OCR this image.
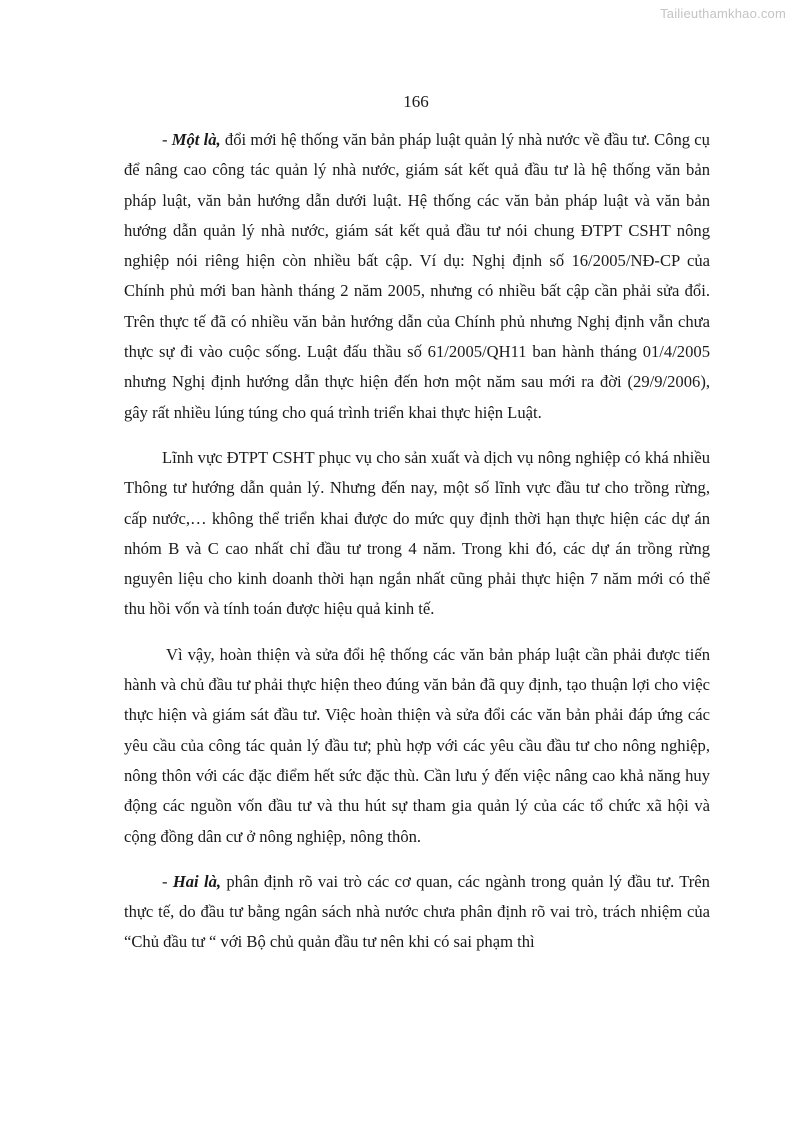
Tailieuthamkhao.com
166

- Một là, đổi mới hệ thống văn bản pháp luật quản lý nhà nước về đầu tư. Công cụ để nâng cao công tác quản lý nhà nước, giám sát kết quả đầu tư là hệ thống văn bản pháp luật, văn bản hướng dẫn dưới luật. Hệ thống các văn bản pháp luật và văn bản hướng dẫn quản lý nhà nước, giám sát kết quả đầu tư nói chung ĐTPT CSHT nông nghiệp nói riêng hiện còn nhiều bất cập. Ví dụ: Nghị định số 16/2005/NĐ-CP của Chính phủ mới ban hành tháng 2 năm 2005, nhưng có nhiều bất cập cần phải sửa đổi. Trên thực tế đã có nhiều văn bản hướng dẫn của Chính phủ nhưng Nghị định vẫn chưa thực sự đi vào cuộc sống. Luật đấu thầu số 61/2005/QH11 ban hành tháng 01/4/2005 nhưng Nghị định hướng dẫn thực hiện đến hơn một năm sau mới ra đời (29/9/2006), gây rất nhiều lúng túng cho quá trình triển khai thực hiện Luật.

Lĩnh vực ĐTPT CSHT phục vụ cho sản xuất và dịch vụ nông nghiệp có khá nhiều Thông tư hướng dẫn quản lý. Nhưng đến nay, một số lĩnh vực đầu tư cho trồng rừng, cấp nước,… không thể triển khai được do mức quy định thời hạn thực hiện các dự án nhóm B và C cao nhất chỉ đầu tư trong 4 năm. Trong khi đó, các dự án trồng rừng nguyên liệu cho kinh doanh thời hạn ngắn nhất cũng phải thực hiện 7 năm mới có thể thu hồi vốn và tính toán được hiệu quả kinh tế.

Vì vậy, hoàn thiện và sửa đổi hệ thống các văn bản pháp luật cần phải được tiến hành và chủ đầu tư phải thực hiện theo đúng văn bản đã quy định, tạo thuận lợi cho việc thực hiện và giám sát đầu tư. Việc hoàn thiện và sửa đổi các văn bản phải đáp ứng các yêu cầu của công tác quản lý đầu tư; phù hợp với các yêu cầu đầu tư cho nông nghiệp, nông thôn với các đặc điểm hết sức đặc thù. Cần lưu ý đến việc nâng cao khả năng huy động các nguồn vốn đầu tư và thu hút sự tham gia quản lý của các tổ chức xã hội và cộng đồng dân cư ở nông nghiệp, nông thôn.

- Hai là, phân định rõ vai trò các cơ quan, các ngành trong quản lý đầu tư. Trên thực tế, do đầu tư bằng ngân sách nhà nước chưa phân định rõ vai trò, trách nhiệm của “Chủ đầu tư “ với Bộ chủ quản đầu tư nên khi có sai phạm thì
